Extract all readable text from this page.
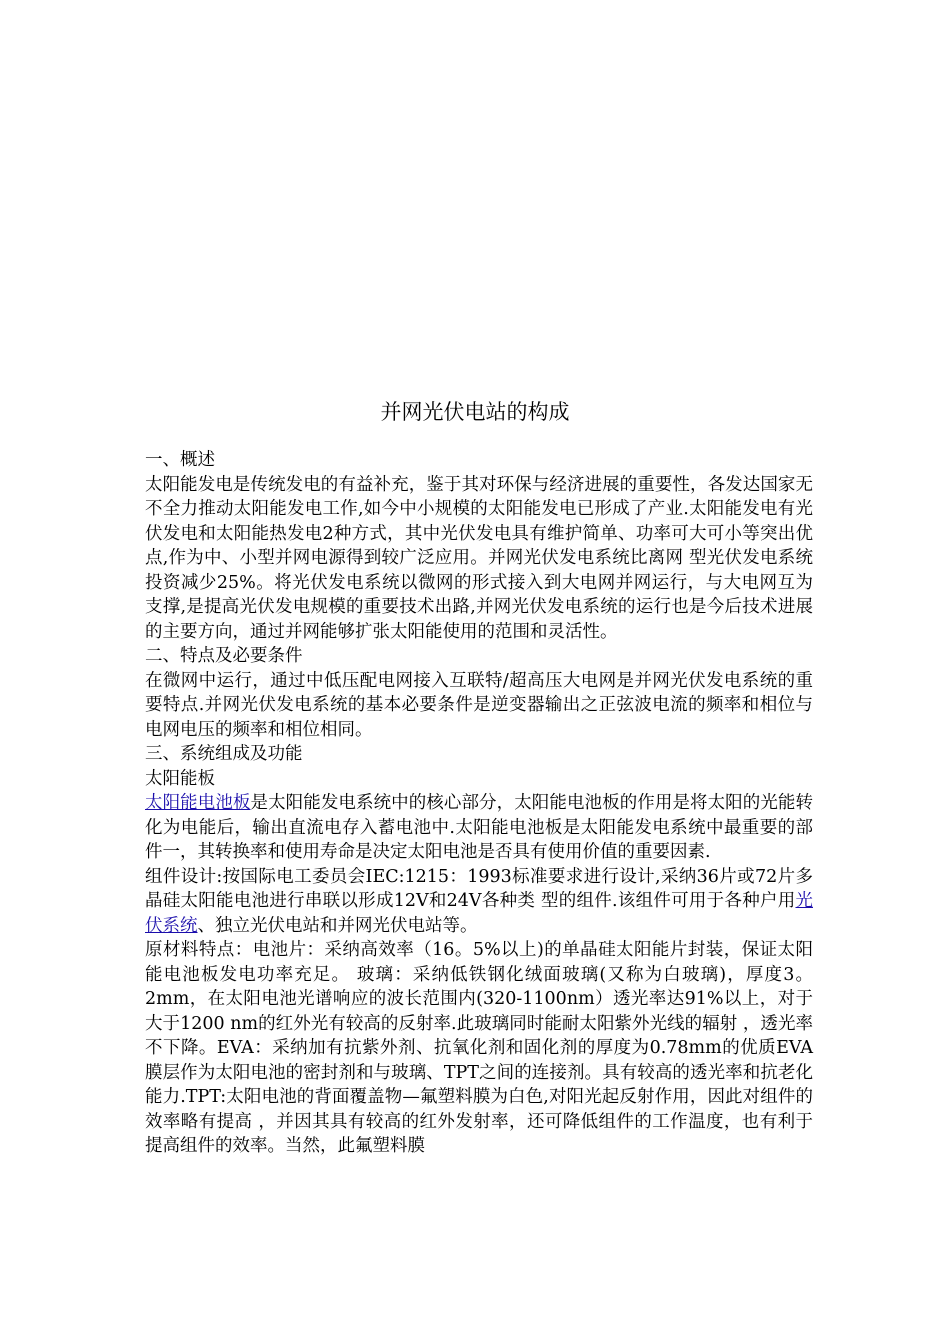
并网光伏电站的构成

一、概述

太阳能发电是传统发电的有益补充，鉴于其对环保与经济进展的重要性，各发达国家无不全力推动太阳能发电工作,如今中小规模的太阳能发电已形成了产业.太阳能发电有光伏发电和太阳能热发电2种方式，其中光伏发电具有维护简单、功率可大可小等突出优点,作为中、小型并网电源得到较广泛应用。并网光伏发电系统比离网 型光伏发电系统投资减少25%。将光伏发电系统以微网的形式接入到大电网并网运行，与大电网互为支撑,是提高光伏发电规模的重要技术出路,并网光伏发电系统的运行也是今后技术进展的主要方向，通过并网能够扩张太阳能使用的范围和灵活性。

二、特点及必要条件

在微网中运行，通过中低压配电网接入互联特/超高压大电网是并网光伏发电系统的重要特点.并网光伏发电系统的基本必要条件是逆变器输出之正弦波电流的频率和相位与电网电压的频率和相位相同。

三、系统组成及功能

太阳能板

太阳能电池板是太阳能发电系统中的核心部分，太阳能电池板的作用是将太阳的光能转化为电能后，输出直流电存入蓄电池中.太阳能电池板是太阳能发电系统中最重要的部件一，其转换率和使用寿命是决定太阳电池是否具有使用价值的重要因素.

组件设计:按国际电工委员会IEC:1215：1993标准要求进行设计,采纳36片或72片多晶硅太阳能电池进行串联以形成12V和24V各种类 型的组件.该组件可用于各种户用光伏系统、独立光伏电站和并网光伏电站等。

原材料特点：电池片：采纳高效率（16。5%以上)的单晶硅太阳能片封装，保证太阳能电池板发电功率充足。 玻璃：采纳低铁钢化绒面玻璃(又称为白玻璃)，厚度3。2mm，在太阳电池光谱响应的波长范围内(320-1100nm）透光率达91%以上，对于大于1200 nm的红外光有较高的反射率.此玻璃同时能耐太阳紫外光线的辐射 ，透光率不下降。EVA：采纳加有抗紫外剂、抗氧化剂和固化剂的厚度为0.78mm的优质EVA膜层作为太阳电池的密封剂和与玻璃、TPT之间的连接剂。具有较高的透光率和抗老化能力.TPT:太阳电池的背面覆盖物—氟塑料膜为白色,对阳光起反射作用，因此对组件的效率略有提高 ，并因其具有较高的红外发射率，还可降低组件的工作温度，也有利于提高组件的效率。当然，此氟塑料膜
